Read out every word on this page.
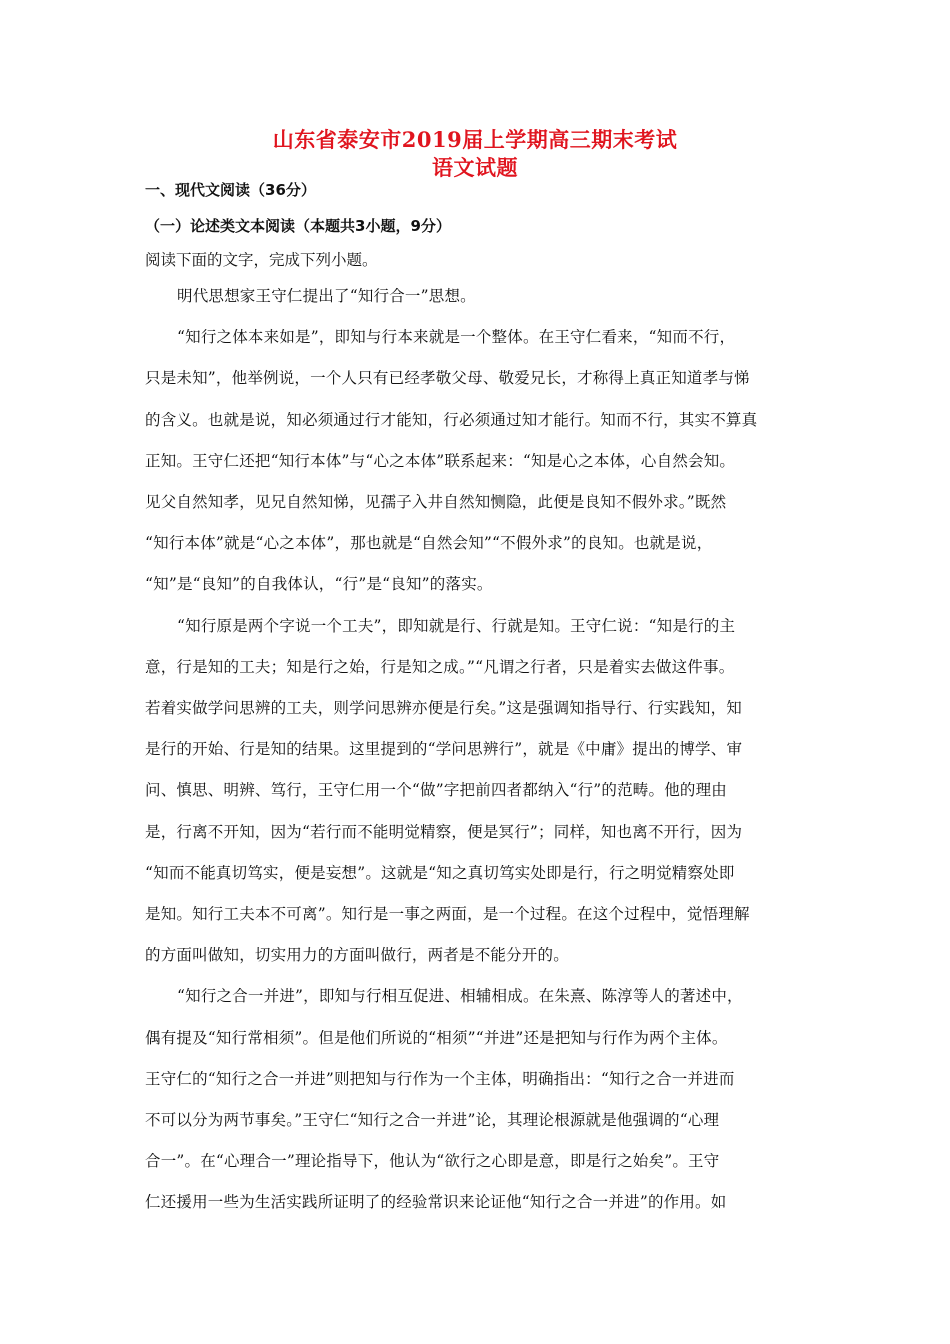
山东省泰安市2019届上学期高三期末考试
语文试题
一、现代文阅读（36分）
（一）论述类文本阅读（本题共3小题，9分）
阅读下面的文字，完成下列小题。
明代思想家王守仁提出了“知行合一”思想。
“知行之体本来如是”，即知与行本来就是一个整体。在王守仁看来，“知而不行，
只是未知”，他举例说，一个人只有已经孝敬父母、敬爱兄长，才称得上真正知道孝与悌
的含义。也就是说，知必须通过行才能知，行必须通过知才能行。知而不行，其实不算真
正知。王守仁还把“知行本体”与“心之本体”联系起来：“知是心之本体，心自然会知。
见父自然知孝，见兄自然知悌，见孺子入井自然知恻隐，此便是良知不假外求。”既然
“知行本体”就是“心之本体”，那也就是“自然会知”“不假外求”的良知。也就是说，
“知”是“良知”的自我体认，“行”是“良知”的落实。
“知行原是两个字说一个工夫”，即知就是行、行就是知。王守仁说：“知是行的主
意，行是知的工夫；知是行之始，行是知之成。”“凡谓之行者，只是着实去做这件事。
若着实做学问思辨的工夫，则学问思辨亦便是行矣。”这是强调知指导行、行实践知，知
是行的开始、行是知的结果。这里提到的“学问思辨行”，就是《中庸》提出的博学、审
问、慎思、明辨、笃行，王守仁用一个“做”字把前四者都纳入“行”的范畴。他的理由
是，行离不开知，因为“若行而不能明觉精察，便是冥行”；同样，知也离不开行，因为
“知而不能真切笃实，便是妄想”。这就是“知之真切笃实处即是行，行之明觉精察处即
是知。知行工夫本不可离”。知行是一事之两面，是一个过程。在这个过程中，觉悟理解
的方面叫做知，切实用力的方面叫做行，两者是不能分开的。
“知行之合一并进”，即知与行相互促进、相辅相成。在朱熹、陈淳等人的著述中，
偶有提及“知行常相须”。但是他们所说的“相须”“并进”还是把知与行作为两个主体。
王守仁的“知行之合一并进”则把知与行作为一个主体，明确指出：“知行之合一并进而
不可以分为两节事矣。”王守仁“知行之合一并进”论，其理论根源就是他强调的“心理
合一”。在“心理合一”理论指导下，他认为“欲行之心即是意，即是行之始矣”。王守
仁还援用一些为生活实践所证明了的经验常识来论证他“知行之合一并进”的作用。如
